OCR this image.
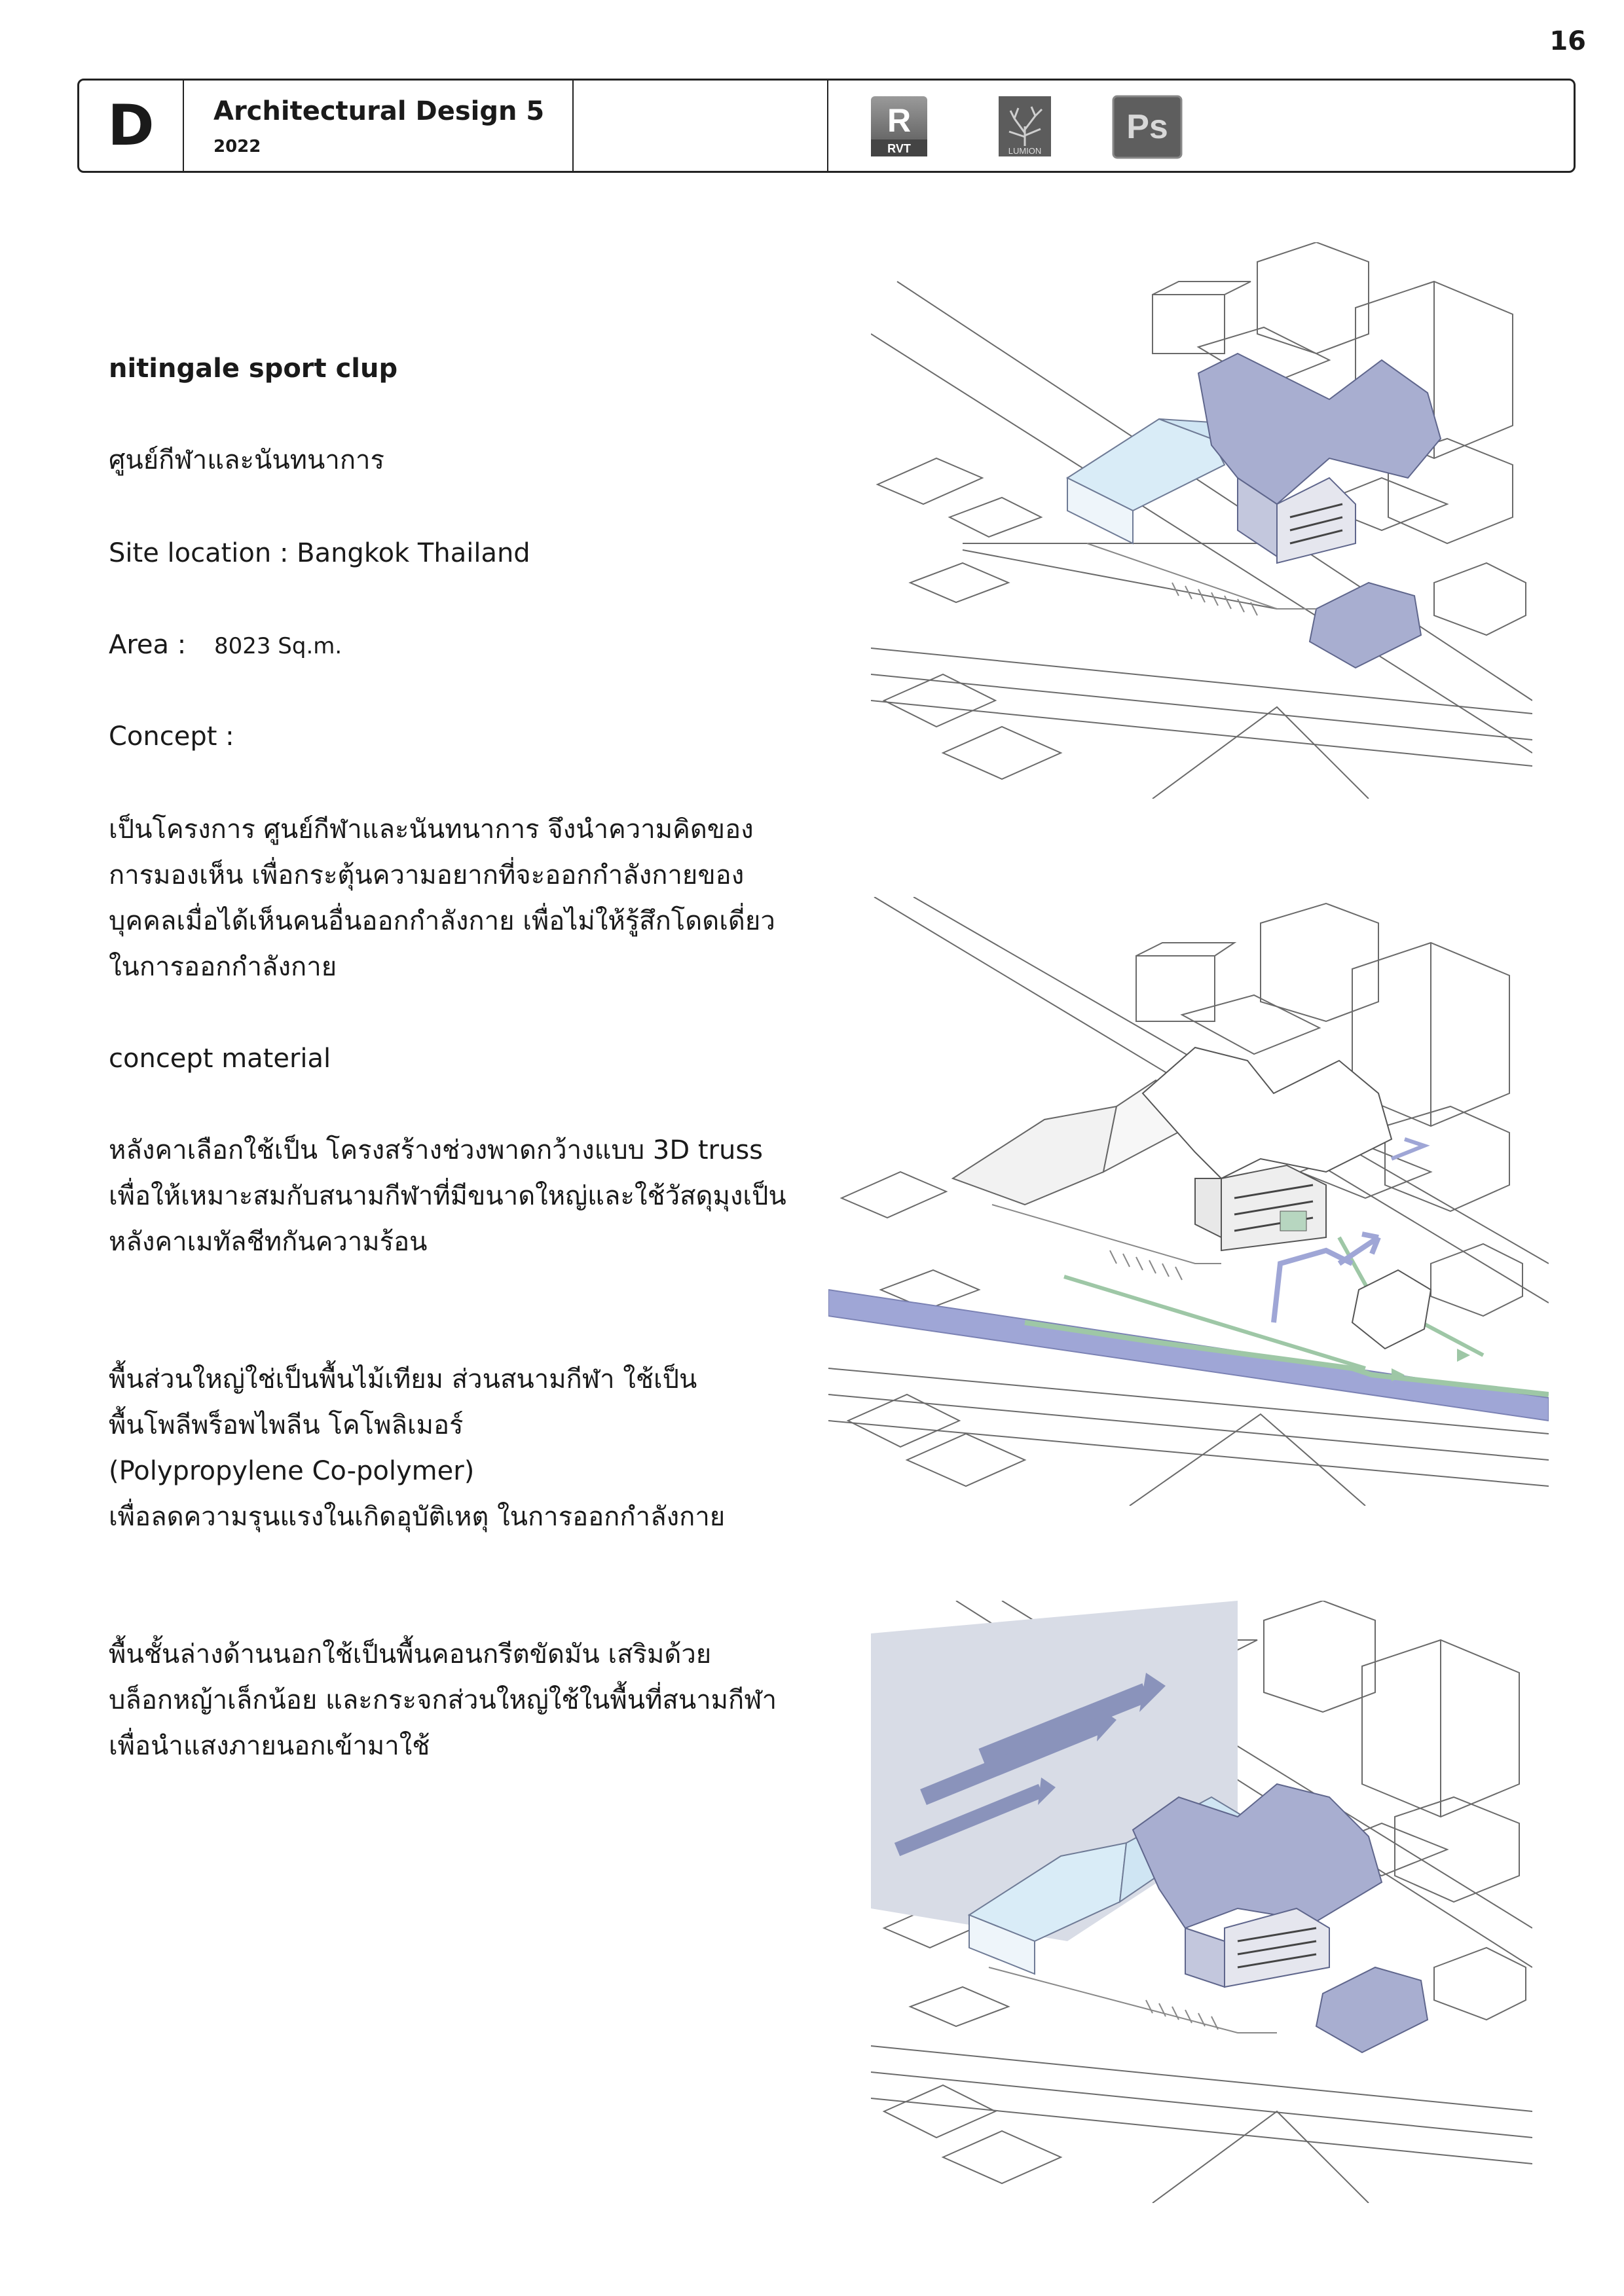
16
D	Architectural Design 5
2022
R
RVT	LUMION
Ps
nitingale sport clup
ศูนย์กีฬาและนันทนาการ
Site location : Bangkok Thailand
Area : 8023 Sq.m.
Concept :
เป็นโครงการ ศูนย์กีฬาและนันทนาการ จึงนำความคิดของ
การมองเห็น เพื่อกระตุ้นความอยากที่จะออกกำลังกายของ
บุคคลเมื่อได้เห็นคนอื่นออกกำลังกาย เพื่อไม่ให้รู้สึกโดดเดี่ยว
ในการออกกำลังกาย
concept material
หลังคาเลือกใช้เป็น โครงสร้างช่วงพาดกว้างแบบ 3D truss
เพื่อให้เหมาะสมกับสนามกีฬาที่มีขนาดใหญ่และใช้วัสดุมุงเป็น
หลังคาเมทัลชีทกันความร้อน
พื้นส่วนใหญ่ใช่เป็นพื้นไม้เทียม ส่วนสนามกีฬา ใช้เป็น
พื้นโพลีพร็อพไพลีน โคโพลิเมอร์
(Polypropylene Co-polymer)
เพื่อลดความรุนแรงในเกิดอุบัติเหตุ ในการออกกำลังกาย
พื้นชั้นล่างด้านนอกใช้เป็นพื้นคอนกรีตขัดมัน เสริมด้วย
บล็อกหญ้าเล็กน้อย และกระจกส่วนใหญ่ใช้ในพื้นที่สนามกีฬา
เพื่อนำแสงภายนอกเข้ามาใช้
